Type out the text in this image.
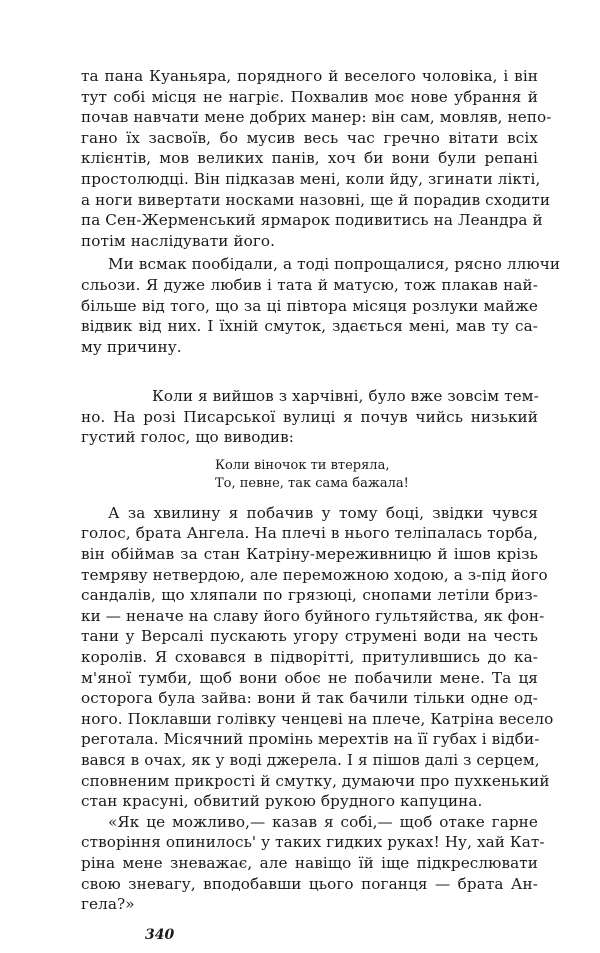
та пана Куаньяра, порядного й веселого чоловіка, і він
тут собі місця не нагріє. Похвалив моє нове убрання й
почав навчати мене добрих манер: він сам, мовляв, непо-
гано їх засвоїв, бо мусив весь час гречно вітати всіх
клієнтів, мов великих панів, хоч би вони були репані
простолюдці. Він підказав мені, коли йду, згинати лікті,
а ноги вивертати носками назовні, ще й порадив сходити
па Сен-Жерменський ярмарок подивитись на Леандра й
потім наслідувати його.
Ми всмак пообідали, а тоді попрощалися, рясно ллючи
сльози. Я дуже любив і тата й матусю, тож плакав най-
більше від того, що за ці півтора місяця розлуки майже
відвик від них. І їхній смуток, здається мені, мав ту са-
му причину.
Коли я вийшов з харчівні, було вже зовсім тем-
но. На розі Писарської вулиці я почув чийсь низький
густий голос, що виводив:
Коли віночок ти втеряла,
То, певне, так сама бажала!
А за хвилину я побачив у тому боці, звідки чувся
голос, брата Ангела. На плечі в нього теліпалась торба,
він обіймав за стан Катріну-мереживницю й ішов крізь
темряву нетвердою, але переможною ходою, а з-під його
сандалів, що хляпали по грязюці, снопами летіли бриз-
ки — неначе на славу його буйного гультяйства, як фон-
тани у Версалі пускають угору струмені води на честь
королів. Я сховався в підворітті, притулившись до ка-
м'яної тумби, щоб вони обоє не побачили мене. Та ця
осторога була зайва: вони й так бачили тільки одне од-
ного. Поклавши голівку ченцеві на плече, Катріна весело
реготала. Місячний промінь мерехтів на її губах і відби-
вався в очах, як у воді джерела. І я пішов далі з серцем,
сповненим прикрості й смутку, думаючи про пухкенький
стан красуні, обвитий рукою брудного капуцина.
«Як це можливо,— казав я собі,— щоб отаке гарне
створіння опинилось' у таких гидких руках! Ну, хай Кат-
ріна мене зневажає, але навіщо їй іще підкреслювати
свою зневагу, вподобавши цього поганця — брата Ан-
гела?»
340
